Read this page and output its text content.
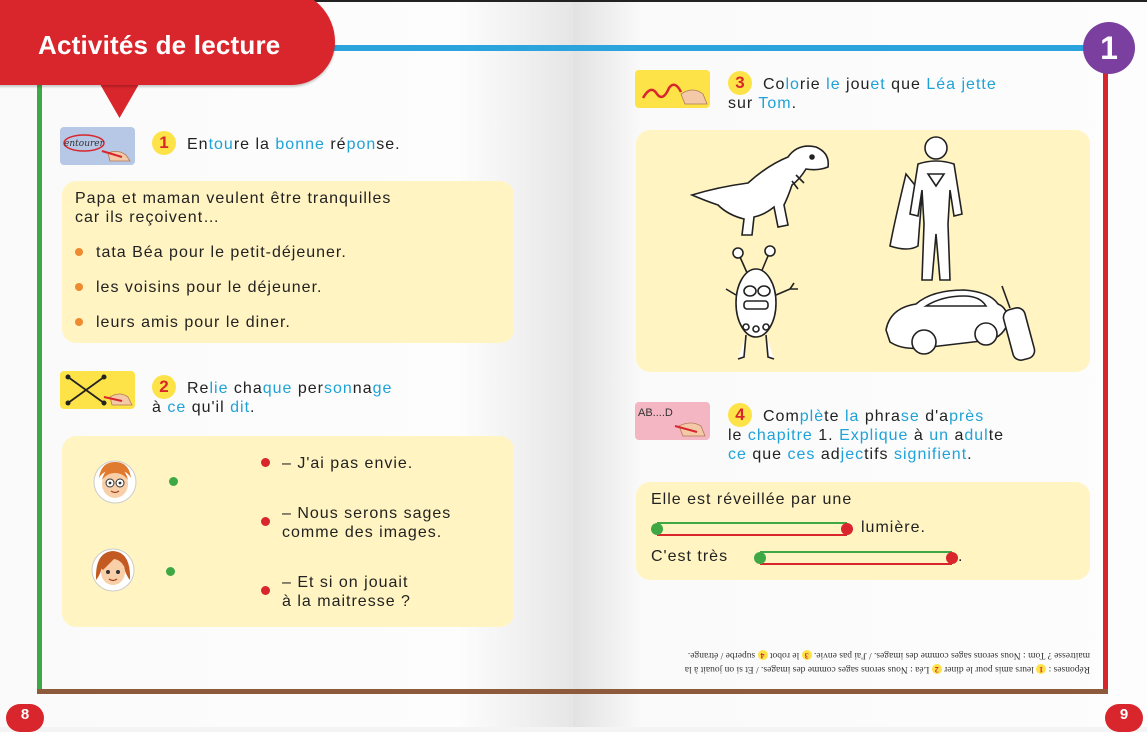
Activités de lecture	1
8	9
entourer	1	Entoure la bonne réponse.
Papa et maman veulent être tranquilles
car ils reçoivent…
tata Béa pour le petit-déjeuner.
les voisins pour le déjeuner.
leurs amis pour le diner.
2	Relie chaque personnage
à ce qu'il dit.
– J'ai pas envie.
– Nous serons sages
comme des images.
– Et si on jouait
à la maitresse ?
3	Colorie le jouet que Léa jette
sur Tom.
AB....D	4	Complète la phrase d'après
le chapitre 1. Explique à un adulte
ce que ces adjectifs signifient.
Elle est réveillée par une
lumière.
C'est très	.
Réponses : 1 leurs amis pour le diner 2 Léa : Nous serons sages comme des images. / Et si on jouait à la
maitresse ? Tom : Nous serons sages comme des images. / J'ai pas envie. 3 le robot 4 superbe / étrange.
